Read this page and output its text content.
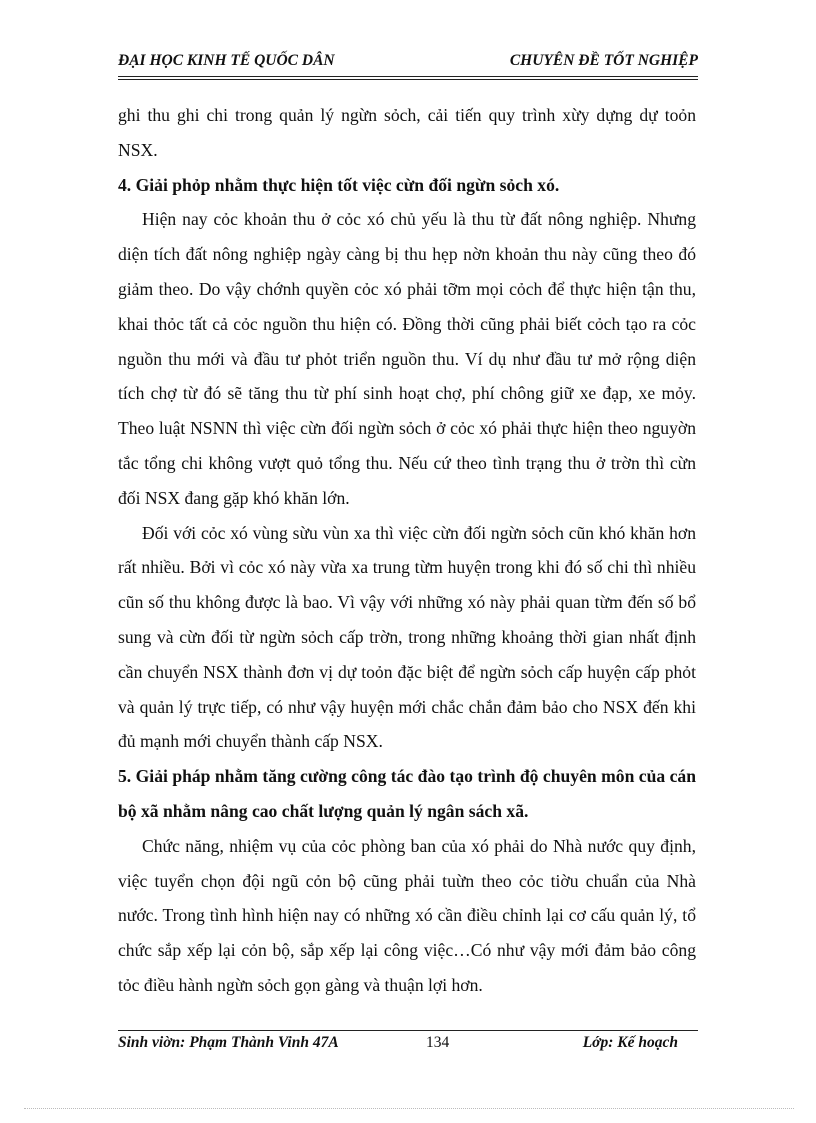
ĐẠI HỌC KINH TẾ QUỐC DÂN	CHUYÊN ĐỀ TỐT NGHIỆP

ghi thu ghi chi trong quản lý ngừn sỏch, cải tiến quy trình xừy dựng dự toỏn NSX.

4. Giải phỏp nhằm thực hiện tốt việc cừn đối ngừn sỏch xó.

Hiện nay cỏc khoản thu ở cỏc xó chủ yếu là thu từ đất nông nghiệp. Nhưng diện tích đất nông nghiệp ngày càng bị thu hẹp nờn khoản thu này cũng theo đó giảm theo. Do vậy chớnh quyền cỏc xó phải tỡm mọi cỏch để thực hiện tận thu, khai thỏc tất cả cỏc nguồn thu hiện có. Đồng thời cũng phải biết cỏch tạo ra cỏc nguồn thu mới và đầu tư phỏt triển nguồn thu. Ví dụ như đầu tư mở rộng diện tích chợ từ đó sẽ tăng thu từ phí sinh hoạt chợ, phí chông giữ xe đạp, xe mỏy. Theo luật NSNN thì việc cừn đối ngừn sỏch ở cỏc xó phải thực hiện theo nguyờn tắc tổng chi không vượt quỏ tổng thu. Nếu cứ theo tình trạng thu ở trờn thì cừn đối NSX đang gặp khó khăn lớn.

Đối với cỏc xó vùng sừu vùn xa thì việc cừn đối ngừn sỏch cũn khó khăn hơn rất nhiều. Bởi vì cỏc xó này vừa xa trung từm huyện trong khi đó số chi thì nhiều cũn số thu không được là bao. Vì vậy với những xó này phải quan từm đến số bổ sung và cừn đối từ ngừn sỏch cấp trờn, trong những khoảng thời gian nhất định cần chuyển NSX thành đơn vị dự toỏn đặc biệt để ngừn sỏch cấp huyện cấp phỏt và quản lý trực tiếp, có như vậy huyện mới chắc chắn đảm bảo cho NSX đến khi đủ mạnh mới chuyển thành cấp NSX.

5. Giải pháp nhằm tăng cường công tác đào tạo trình độ chuyên môn của cán bộ xã nhằm nâng cao chất lượng quản lý ngân sách xã.

Chức năng, nhiệm vụ của cỏc phòng ban của xó phải do Nhà nước quy định, việc tuyển chọn đội ngũ cỏn bộ cũng phải tuừn theo cỏc tiờu chuẩn của Nhà nước. Trong tình hình hiện nay có những xó cần điều chỉnh lại cơ cấu quản lý, tổ chức sắp xếp lại cỏn bộ, sắp xếp lại công việc…Có như vậy mới đảm bảo công tỏc điều hành ngừn sỏch gọn gàng và thuận lợi hơn.

Sinh viờn: Phạm Thành Vinh 47A	134	Lớp: Kế hoạch
